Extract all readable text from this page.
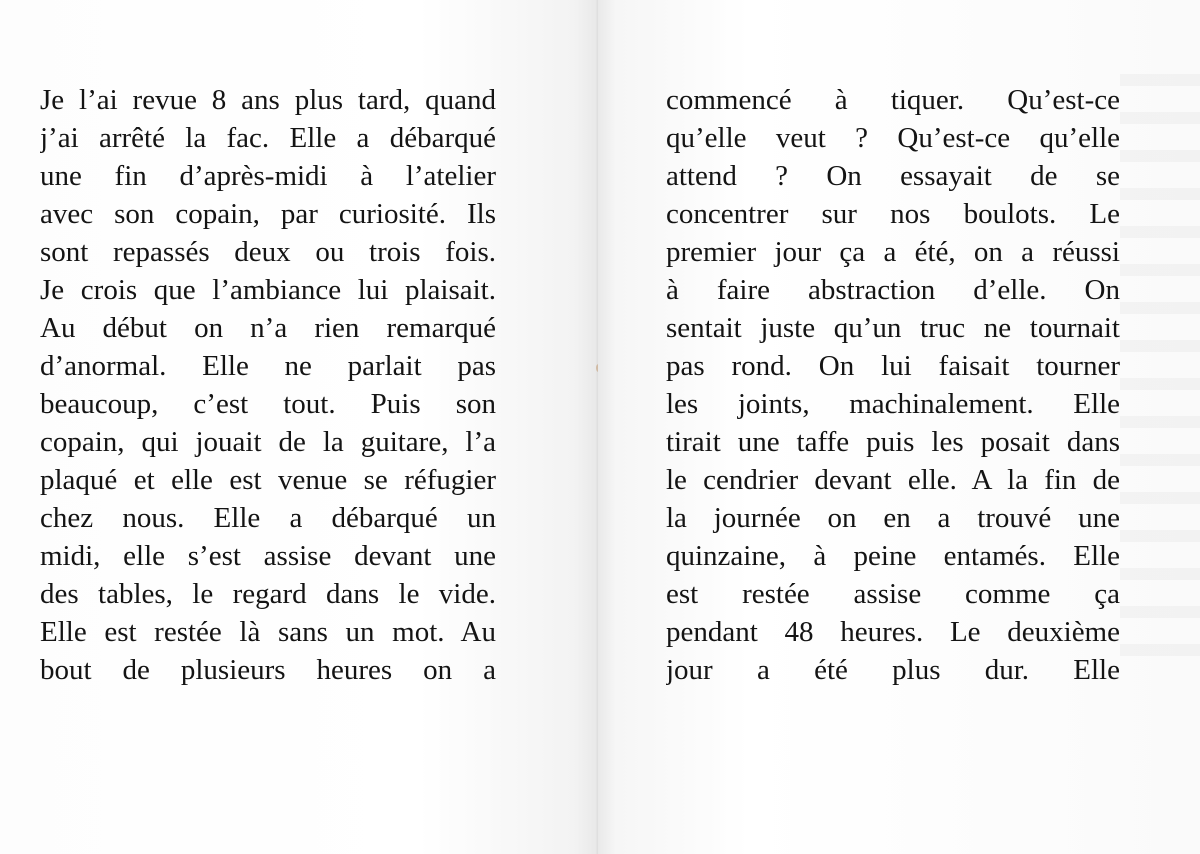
Je l’ai revue 8 ans plus tard, quand
j’ai arrêté la fac. Elle a débarqué
une fin d’après-midi à l’atelier
avec son copain, par curiosité. Ils
sont repassés deux ou trois fois.
Je crois que l’ambiance lui plaisait.
Au début on n’a rien remarqué
d’anormal. Elle ne parlait pas
beaucoup, c’est tout. Puis son
copain, qui jouait de la guitare, l’a
plaqué et elle est venue se réfugier
chez nous. Elle a débarqué un
midi, elle s’est assise devant une
des tables, le regard dans le vide.
Elle est restée là sans un mot. Au
bout de plusieurs heures on a
commencé à tiquer. Qu’est-ce
qu’elle veut ? Qu’est-ce qu’elle
attend ? On essayait de se
concentrer sur nos boulots. Le
premier jour ça a été, on a réussi
à faire abstraction d’elle. On
sentait juste qu’un truc ne tournait
pas rond. On lui faisait tourner
les joints, machinalement. Elle
tirait une taffe puis les posait dans
le cendrier devant elle. A la fin de
la journée on en a trouvé une
quinzaine, à peine entamés. Elle
est restée assise comme ça
pendant 48 heures. Le deuxième
jour a été plus dur. Elle
